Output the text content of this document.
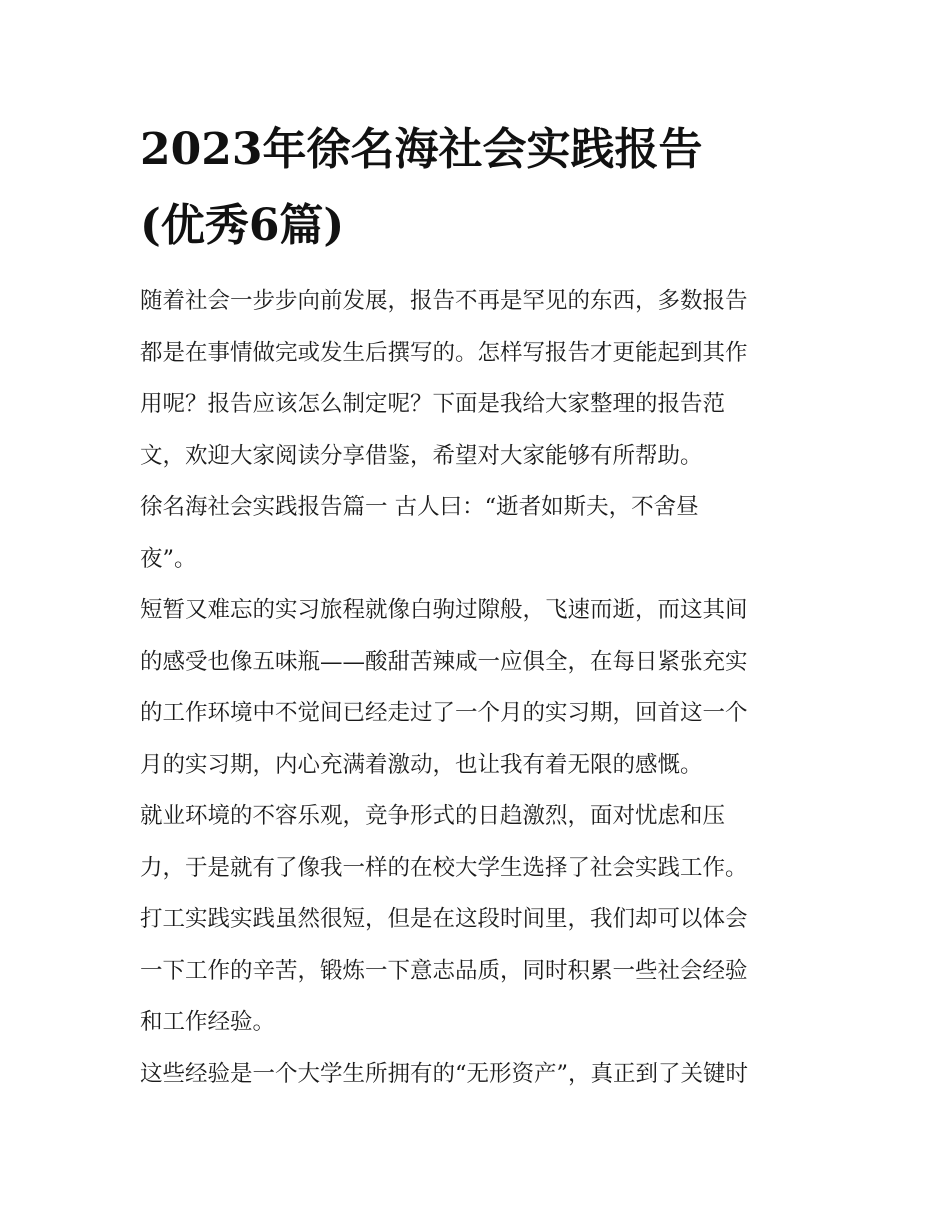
2023年徐名海社会实践报告
(优秀6篇)
随着社会一步步向前发展，报告不再是罕见的东西，多数报告
都是在事情做完或发生后撰写的。怎样写报告才更能起到其作
用呢？报告应该怎么制定呢？下面是我给大家整理的报告范
文，欢迎大家阅读分享借鉴，希望对大家能够有所帮助。
徐名海社会实践报告篇一 古人曰：“逝者如斯夫，不舍昼
夜”。
短暂又难忘的实习旅程就像白驹过隙般，飞速而逝，而这其间
的感受也像五味瓶——酸甜苦辣咸一应俱全，在每日紧张充实
的工作环境中不觉间已经走过了一个月的实习期，回首这一个
月的实习期，内心充满着激动，也让我有着无限的感慨。
就业环境的不容乐观，竞争形式的日趋激烈，面对忧虑和压
力，于是就有了像我一样的在校大学生选择了社会实践工作。
打工实践实践虽然很短，但是在这段时间里，我们却可以体会
一下工作的辛苦，锻炼一下意志品质，同时积累一些社会经验
和工作经验。
这些经验是一个大学生所拥有的“无形资产”，真正到了关键时
